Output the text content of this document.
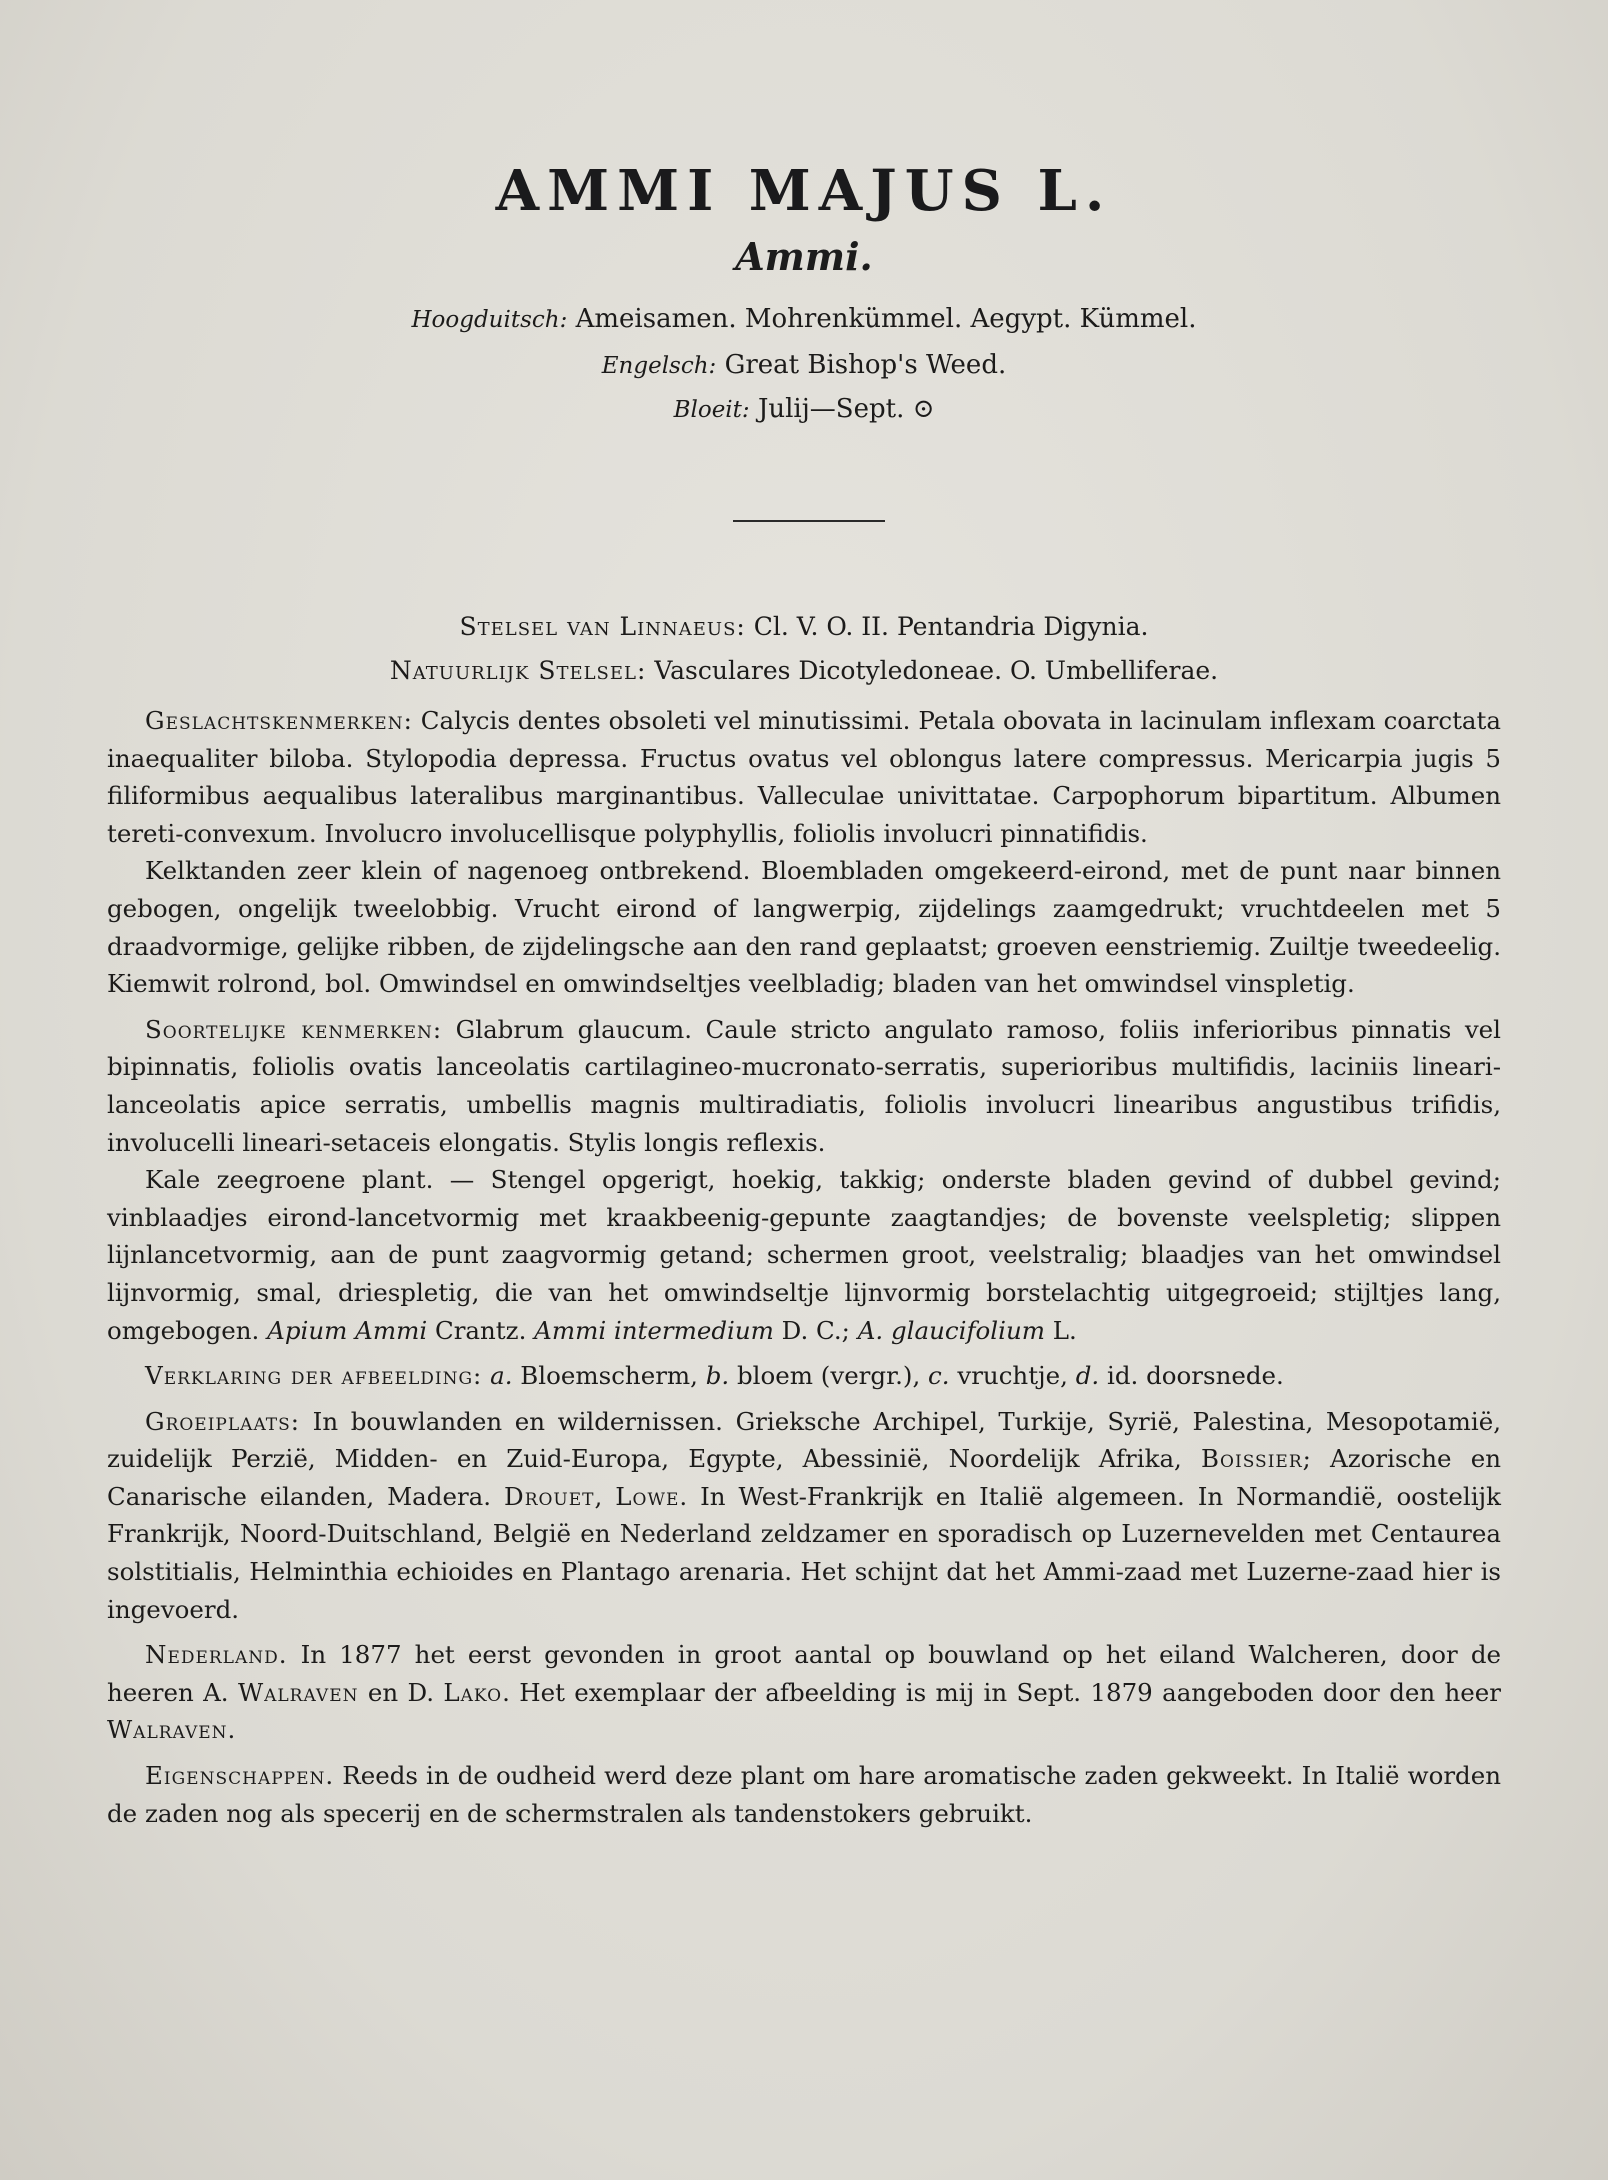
AMMI MAJUS L.
Ammi.
Hoogduitsch: Ameisamen. Mohrenkümmel. Aegypt. Kümmel.
Engelsch: Great Bishop's Weed.
Bloeit: Julij—Sept. ⊙
Stelsel van Linnaeus: Cl. V. O. II. Pentandria Digynia.
Natuurlijk Stelsel: Vasculares Dicotyledoneae. O. Umbelliferae.

Geslachtskenmerken: Calycis dentes obsoleti vel minutissimi. Petala obovata in lacinulam inflexam coarctata inaequaliter biloba. Stylopodia depressa. Fructus ovatus vel oblongus latere compressus. Mericarpia jugis 5 filiformibus aequalibus lateralibus marginantibus. Valleculae univittatae. Carpophorum bipartitum. Albumen tereti-convexum. Involucro involucellisque polyphyllis, foliolis involucri pinnatifidis.

Kelktanden zeer klein of nagenoeg ontbrekend. Bloembladen omgekeerd-eirond, met de punt naar binnen gebogen, ongelijk tweelobbig. Vrucht eirond of langwerpig, zijdelings zaamgedrukt; vruchtdeelen met 5 draadvormige, gelijke ribben, de zijdelingsche aan den rand geplaatst; groeven eenstriemig. Zuiltje tweedeelig. Kiemwit rolrond, bol. Omwindsel en omwindseltjes veelbladig; bladen van het omwindsel vinspletig.

Soortelijke kenmerken: Glabrum glaucum. Caule stricto angulato ramoso, foliis inferioribus pinnatis vel bipinnatis, foliolis ovatis lanceolatis cartilagineo-mucronato-serratis, superioribus multifidis, laciniis lineari-lanceolatis apice serratis, umbellis magnis multiradiatis, foliolis involucri linearibus angustibus trifidis, involucelli lineari-setaceis elongatis. Stylis longis reflexis.

Kale zeegroene plant. — Stengel opgerigt, hoekig, takkig; onderste bladen gevind of dubbel gevind; vinblaadjes eirond-lancetvormig met kraakbeenig-gepunte zaagtandjes; de bovenste veelspletig; slippen lijnlancetvormig, aan de punt zaagvormig getand; schermen groot, veelstralig; blaadjes van het omwindsel lijnvormig, smal, driespletig, die van het omwindseltje lijnvormig borstelachtig uitgegroeid; stijltjes lang, omgebogen. Apium Ammi Crantz. Ammi intermedium D. C.; A. glaucifolium L.

Verklaring der afbeelding: a. Bloemscherm, b. bloem (vergr.), c. vruchtje, d. id. doorsnede.

Groeiplaats: In bouwlanden en wildernissen. Grieksche Archipel, Turkije, Syrië, Palestina, Mesopotamië, zuidelijk Perzië, Midden- en Zuid-Europa, Egypte, Abessinië, Noordelijk Afrika, Boissier; Azorische en Canarische eilanden, Madera. Drouet, Lowe. In West-Frankrijk en Italië algemeen. In Normandië, oostelijk Frankrijk, Noord-Duitschland, België en Nederland zeldzamer en sporadisch op Luzernevelden met Centaurea solstitialis, Helminthia echioides en Plantago arenaria. Het schijnt dat het Ammi-zaad met Luzerne-zaad hier is ingevoerd.

Nederland. In 1877 het eerst gevonden in groot aantal op bouwland op het eiland Walcheren, door de heeren A. Walraven en D. Lako. Het exemplaar der afbeelding is mij in Sept. 1879 aangeboden door den heer Walraven.

Eigenschappen. Reeds in de oudheid werd deze plant om hare aromatische zaden gekweekt. In Italië worden de zaden nog als specerij en de schermstralen als tandenstokers gebruikt.
